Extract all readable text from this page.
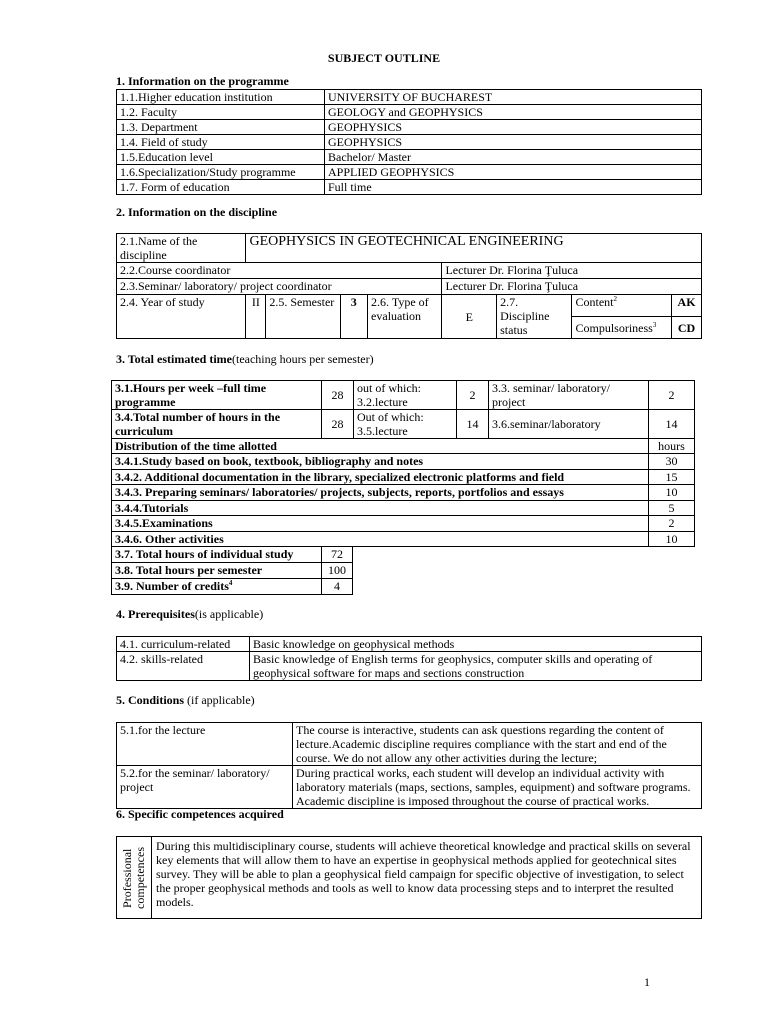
SUBJECT OUTLINE
1. Information on the programme
1.1.Higher education institution	UNIVERSITY OF BUCHAREST
1.2. Faculty	GEOLOGY and GEOPHYSICS
1.3. Department	GEOPHYSICS
1.4. Field of study	GEOPHYSICS
1.5.Education level	Bachelor/ Master
1.6.Specialization/Study programme	APPLIED GEOPHYSICS
1.7. Form of education	Full time
2. Information on the discipline
2.1.Name of the discipline	GEOPHYSICS IN GEOTECHNICAL ENGINEERING							
2.2.Course coordinator					Lecturer Dr. Florina Ţuluca			
2.3.Seminar/ laboratory/ project coordinator					Lecturer Dr. Florina Ţuluca			
2.4. Year of study	II	2.5. Semester	3	2.6. Type of evaluation	E	2.7. Discipline status	Content$^2$	AK
							Compulsoriness$^3$	CD
3. Total estimated time(teaching hours per semester)
3.1.Hours per week –full time programme	28	out of which: 3.2.lecture	2	3.3. seminar/ laboratory/ project	2
3.4.Total number of hours in the curriculum	28	Out of which: 3.5.lecture	14	3.6.seminar/laboratory	14
Distribution of the time allotted					hours
3.4.1.Study based on book, textbook, bibliography and notes					30
3.4.2. Additional documentation in the library, specialized electronic platforms and field					15
3.4.3. Preparing seminars/ laboratories/ projects, subjects, reports, portfolios and essays					10
3.4.4.Tutorials					5
3.4.5.Examinations					2
3.4.6. Other activities					10
3.7. Total hours of individual study	72
3.8. Total hours per semester	100
3.9. Number of credits$^4$	4
4. Prerequisites(is applicable)
4.1. curriculum-related	Basic knowledge on geophysical methods
4.2. skills-related	Basic knowledge of English terms for geophysics, computer skills and operating of geophysical software for maps and sections construction
5. Conditions (if applicable)
5.1.for the lecture	The course is interactive, students can ask questions regarding the content of lecture.Academic discipline requires compliance with the start and end of the course. We do not allow any other activities during the lecture;
5.2.for the seminar/ laboratory/ project	During practical works, each student will develop an individual activity with laboratory materials (maps, sections, samples, equipment) and software programs. Academic discipline is imposed throughout the course of practical works.
6. Specific competences acquired
Professional
competences
	During this multidisciplinary course, students will achieve theoretical knowledge and practical skills on several key elements that will allow them to have an expertise in geophysical methods applied for geotechnical sites survey. They will be able to plan a geophysical field campaign for specific objective of investigation, to select the proper geophysical methods and tools as well to know data processing steps and to interpret the resulted models.
1
